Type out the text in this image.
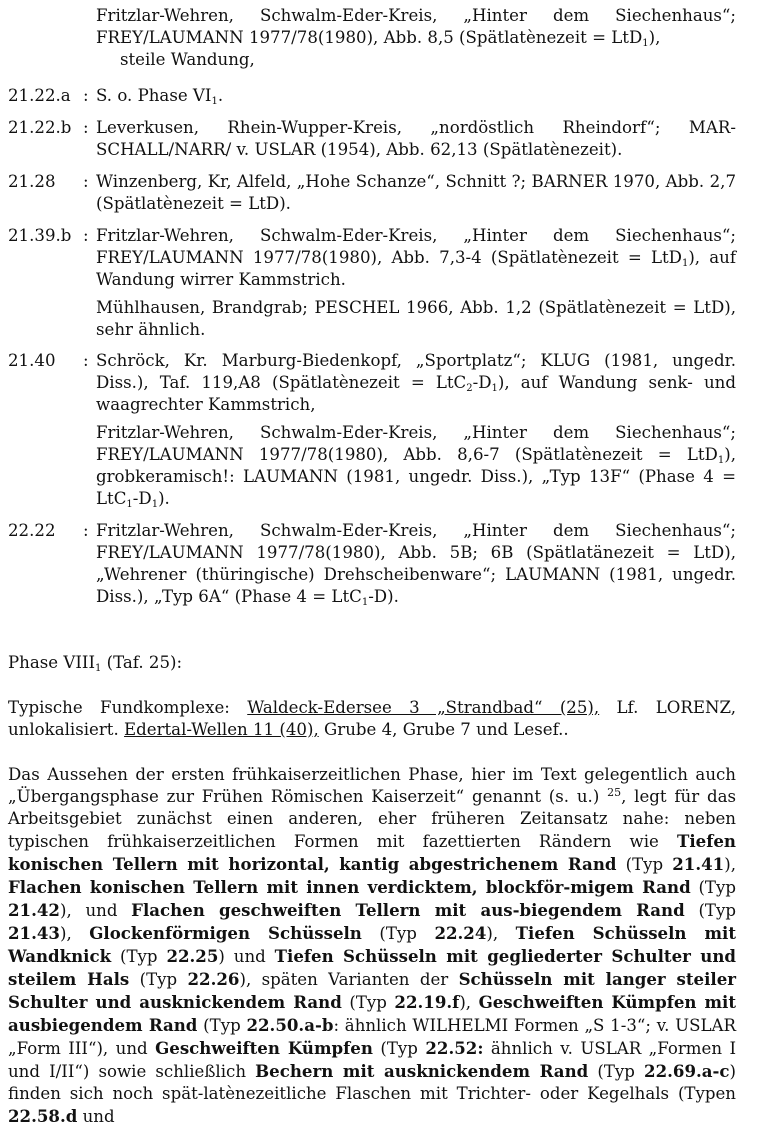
Fritzlar-Wehren, Schwalm-Eder-Kreis, „Hinter dem Siechenhaus“; FREY/LAUMANN 1977/78(1980), Abb. 8,5 (Spätlatènezeit = LtD$_1$),
steile Wandung,
21.22.a : S. o. Phase $VI_1$.
21.22.b : Leverkusen, Rhein-Wupper-Kreis, „nordöstlich Rheindorf“; MAR-SCHALL/NARR/ v. USLAR (1954), Abb. 62,13 (Spätlatènezeit).
21.28 : Winzenberg, Kr, Alfeld, „Hohe Schanze“, Schnitt ?; BARNER 1970, Abb. 2,7 (Spätlatènezeit = LtD).
21.39.b : Fritzlar-Wehren, Schwalm-Eder-Kreis, „Hinter dem Siechenhaus“; FREY/LAUMANN 1977/78(1980), Abb. 7,3-4 (Spätlatènezeit = LtD$_1$), auf Wandung wirrer Kammstrich.
Mühlhausen, Brandgrab; PESCHEL 1966, Abb. 1,2 (Spätlatènezeit = LtD), sehr ähnlich.
21.40 : Schröck, Kr. Marburg-Biedenkopf, „Sportplatz“; KLUG (1981, ungedr. Diss.), Taf. 119,A8 (Spätlatènezeit = $LtC_2-D_1$), auf Wandung senk- und waagrechter Kammstrich,
Fritzlar-Wehren, Schwalm-Eder-Kreis, „Hinter dem Siechenhaus“; FREY/LAUMANN 1977/78(1980), Abb. 8,6-7 (Spätlatènezeit = LtD$_1$), grobkeramisch!: LAUMANN (1981, ungedr. Diss.), „Typ 13F“ (Phase $4 = LtC_1-D_1$).
22.22 : Fritzlar-Wehren, Schwalm-Eder-Kreis, „Hinter dem Siechenhaus“; FREY/LAUMANN 1977/78(1980), Abb. 5B; 6B (Spätlatänezeit = LtD), „Wehrener (thüringische) Drehscheibenware“; LAUMANN (1981, ungedr. Diss.), „Typ 6A“ (Phase 4 = LtC$_1$-D).
Phase $VIII_1$ (Taf. 25):
Typische Fundkomplexe: Waldeck-Edersee 3 „Strandbad“ (25), Lf. LORENZ, unlokalisiert. Edertal-Wellen 11 (40), Grube 4, Grube 7 und Lesef..
Das Aussehen der ersten frühkaiserzeitlichen Phase, hier im Text gelegentlich auch „Übergangsphase zur Frühen Römischen Kaiserzeit“ genannt (s. u.) $^{25}$, legt für das Arbeitsgebiet zunächst einen anderen, eher früheren Zeitansatz nahe: neben typischen frühkaiserzeitlichen Formen mit fazettierten Rändern wie Tiefen konischen Tellern mit horizontal, kantig abgestrichenem Rand (Typ 21.41), Flachen konischen Tellern mit innen verdicktem, blockför-migem Rand (Typ 21.42), und Flachen geschweiften Tellern mit aus-biegendem Rand (Typ 21.43), Glockenförmigen Schüsseln (Typ 22.24), Tiefen Schüsseln mit Wandknick (Typ 22.25) und Tiefen Schüsseln mit gegliederter Schulter und steilem Hals (Typ 22.26), späten Varianten der Schüsseln mit langer steiler Schulter und ausknickendem Rand (Typ 22.19.f), Geschweiften Kümpfen mit ausbiegendem Rand (Typ 22.50.a-b: ähnlich WILHELMI Formen „S 1-3“; v. USLAR „Form III“), und Geschweiften Kümpfen (Typ 22.52: ähnlich v. USLAR „Formen I und I/II“) sowie schließlich Bechern mit ausknickendem Rand (Typ 22.69.a-c) finden sich noch spät-latènezeitliche Flaschen mit Trichter- oder Kegelhals (Typen 22.58.d und
